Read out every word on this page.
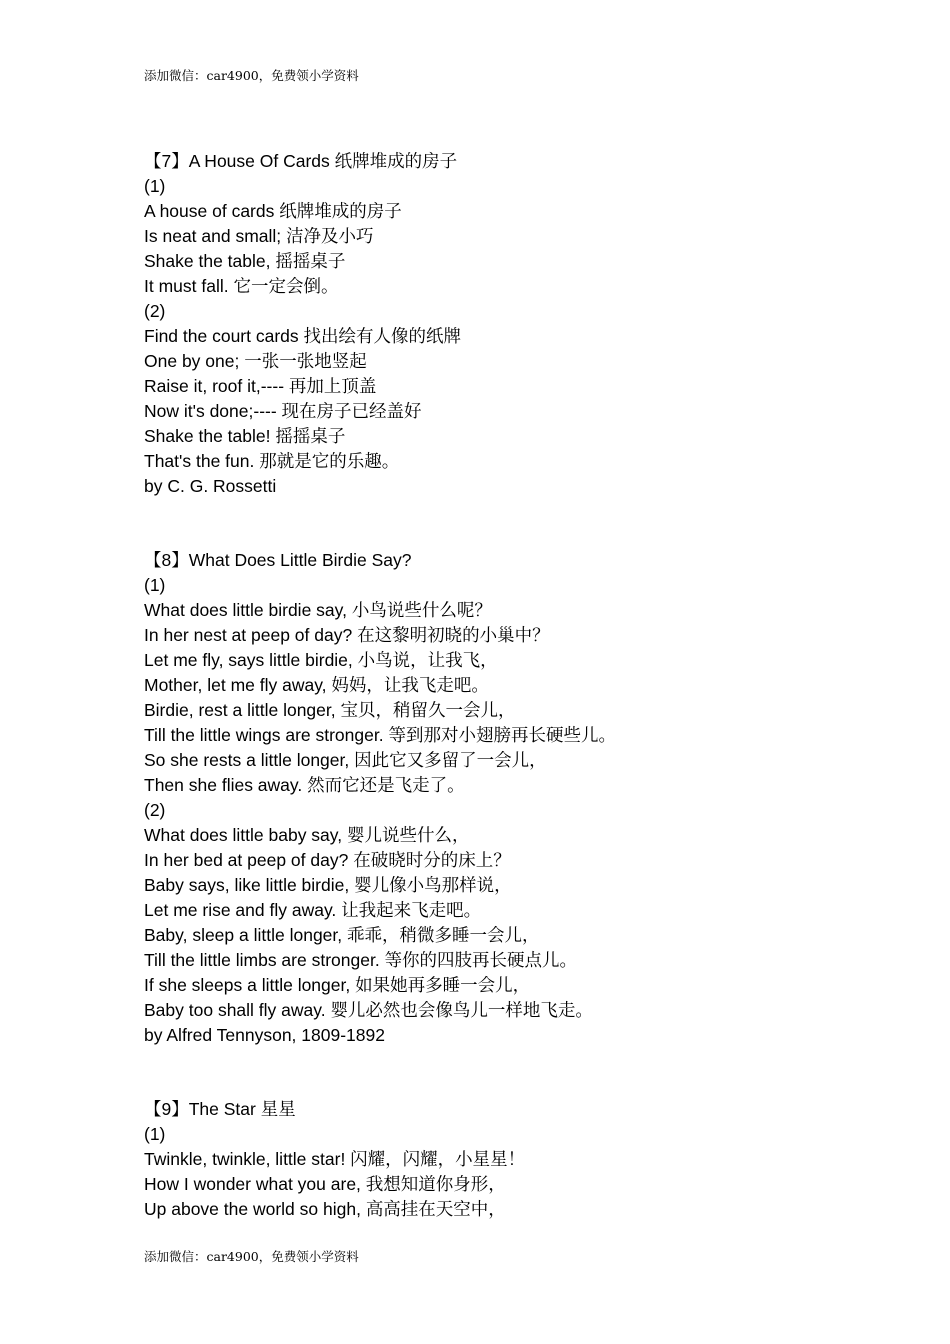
添加微信：car4900，免费领小学资料
【7】A House Of Cards 纸牌堆成的房子
(1)
A house of cards 纸牌堆成的房子
Is neat and small; 洁净及小巧
Shake the table, 摇摇桌子
It must fall. 它一定会倒。
(2)
Find the court cards 找出绘有人像的纸牌
One by one; 一张一张地竖起
Raise it, roof it,---- 再加上顶盖
Now it's done;---- 现在房子已经盖好
Shake the table! 摇摇桌子
That's the fun. 那就是它的乐趣。
by C. G. Rossetti
【8】What Does Little Birdie Say?
(1)
What does little birdie say, 小鸟说些什么呢？
In her nest at peep of day? 在这黎明初晓的小巢中？
Let me fly, says little birdie, 小鸟说，让我飞，
Mother, let me fly away, 妈妈，让我飞走吧。
Birdie, rest a little longer, 宝贝，稍留久一会儿，
Till the little wings are stronger. 等到那对小翅膀再长硬些儿。
So she rests a little longer, 因此它又多留了一会儿，
Then she flies away. 然而它还是飞走了。
(2)
What does little baby say, 婴儿说些什么，
In her bed at peep of day? 在破晓时分的床上？
Baby says, like little birdie, 婴儿像小鸟那样说，
Let me rise and fly away. 让我起来飞走吧。
Baby, sleep a little longer, 乖乖，稍微多睡一会儿，
Till the little limbs are stronger. 等你的四肢再长硬点儿。
If she sleeps a little longer, 如果她再多睡一会儿，
Baby too shall fly away. 婴儿必然也会像鸟儿一样地飞走。
by Alfred Tennyson, 1809-1892
【9】The Star 星星
(1)
Twinkle, twinkle, little star! 闪耀，闪耀，小星星！
How I wonder what you are, 我想知道你身形，
Up above the world so high, 高高挂在天空中，
添加微信：car4900，免费领小学资料
